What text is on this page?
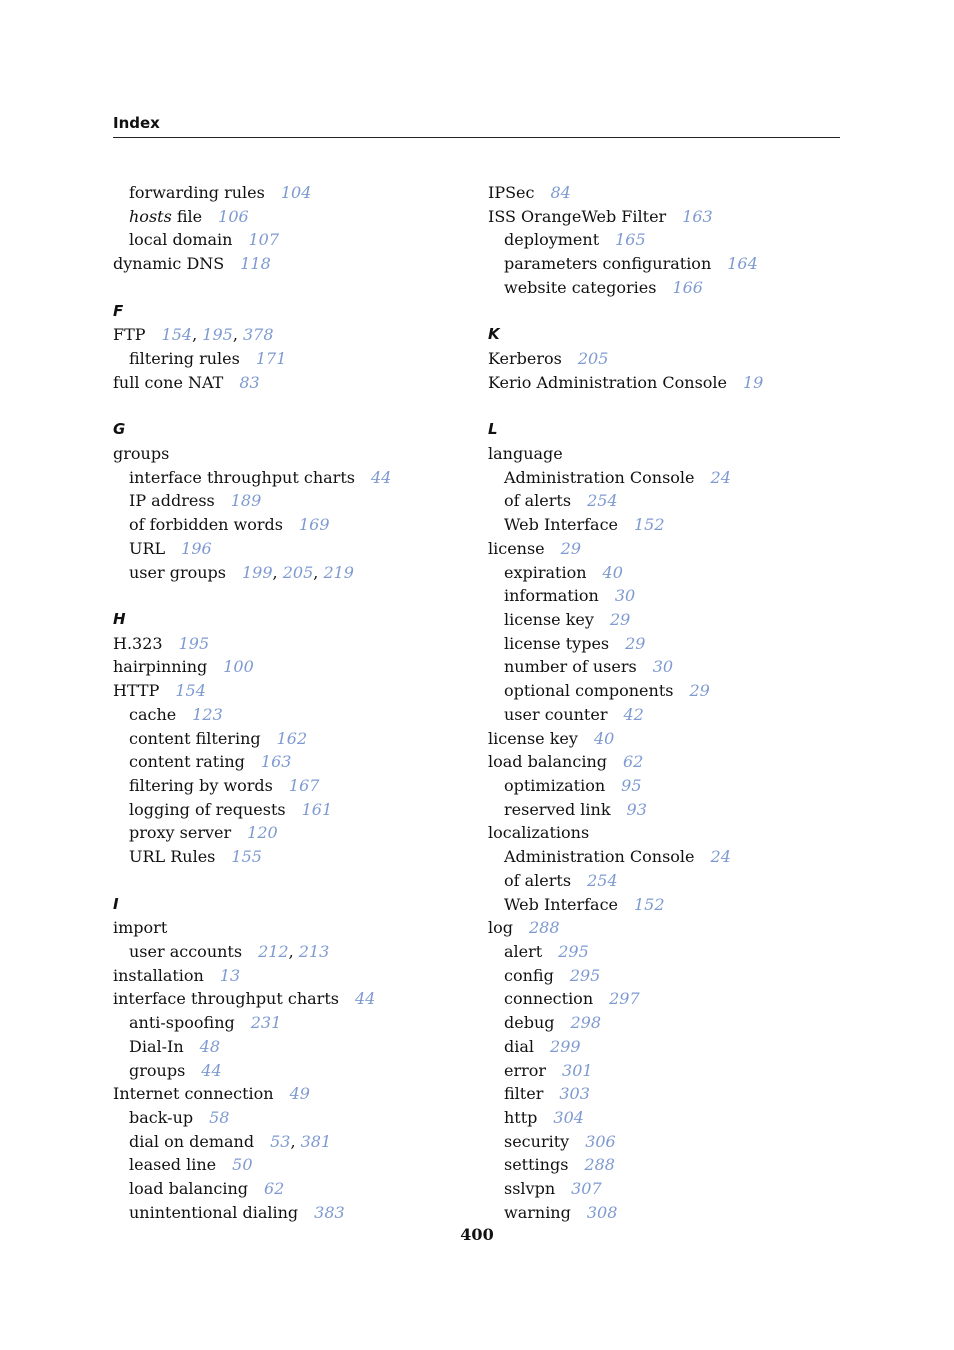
Index
forwarding rules 104
hosts file 106
local domain 107
dynamic DNS 118
F
FTP 154, 195, 378
filtering rules 171
full cone NAT 83
G
groups
interface throughput charts 44
IP address 189
of forbidden words 169
URL 196
user groups 199, 205, 219
H
H.323 195
hairpinning 100
HTTP 154
cache 123
content filtering 162
content rating 163
filtering by words 167
logging of requests 161
proxy server 120
URL Rules 155
I
import
user accounts 212, 213
installation 13
interface throughput charts 44
anti-spoofing 231
Dial-In 48
groups 44
Internet connection 49
back-up 58
dial on demand 53, 381
leased line 50
load balancing 62
unintentional dialing 383
IPSec 84
ISS OrangeWeb Filter 163
deployment 165
parameters configuration 164
website categories 166
K
Kerberos 205
Kerio Administration Console 19
L
language
Administration Console 24
of alerts 254
Web Interface 152
license 29
expiration 40
information 30
license key 29
license types 29
number of users 30
optional components 29
user counter 42
license key 40
load balancing 62
optimization 95
reserved link 93
localizations
Administration Console 24
of alerts 254
Web Interface 152
log 288
alert 295
config 295
connection 297
debug 298
dial 299
error 301
filter 303
http 304
security 306
settings 288
sslvpn 307
warning 308
400
